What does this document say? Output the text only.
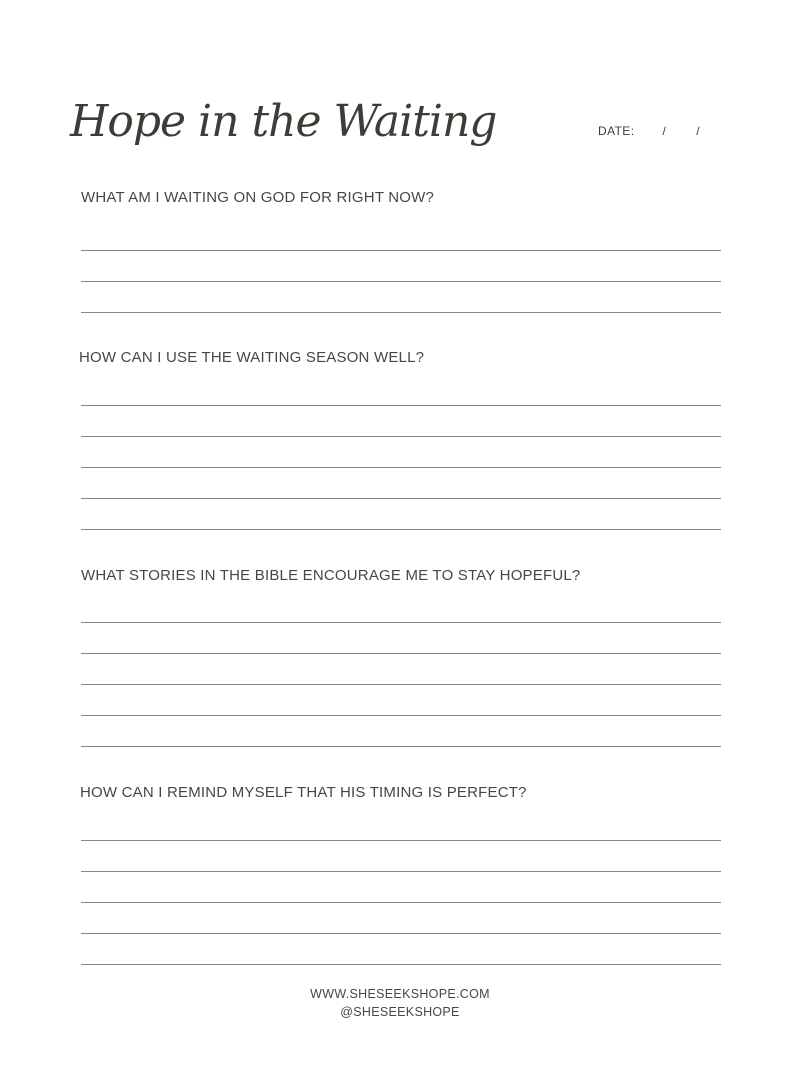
Hope in the Waiting	DATE: /	/
WHAT AM I WAITING ON GOD FOR RIGHT NOW?
HOW CAN I USE THE WAITING SEASON WELL?
WHAT STORIES IN THE BIBLE ENCOURAGE ME TO STAY HOPEFUL?
HOW CAN I REMIND MYSELF THAT HIS TIMING IS PERFECT?
WWW.SHESEEKSHOPE.COM
@SHESEEKSHOPE
